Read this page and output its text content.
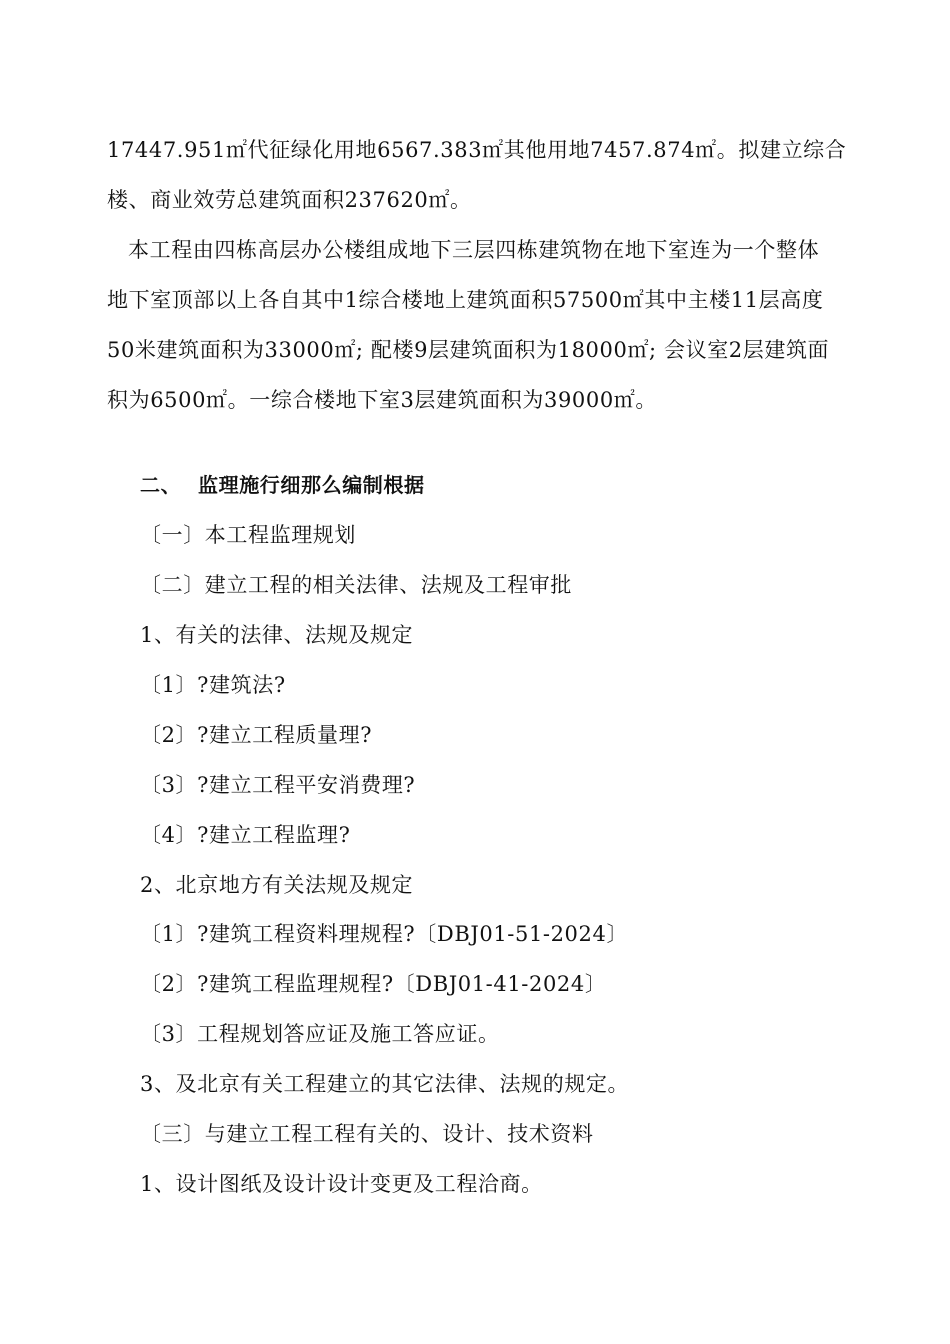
17447.951㎡代征绿化用地6567.383㎡其他用地7457.874㎡。拟建立综合
楼、商业效劳总建筑面积237620㎡。
本工程由四栋高层办公楼组成地下三层四栋建筑物在地下室连为一个整体
地下室顶部以上各自其中1综合楼地上建筑面积57500㎡其中主楼11层高度
50米建筑面积为33000㎡; 配楼9层建筑面积为18000㎡; 会议室2层建筑面
积为6500㎡。一综合楼地下室3层建筑面积为39000㎡。
二、 监理施行细那么编制根据
〔一〕本工程监理规划
〔二〕建立工程的相关法律、法规及工程审批
1、有关的法律、法规及规定
〔1〕?建筑法?
〔2〕?建立工程质量理?
〔3〕?建立工程平安消费理?
〔4〕?建立工程监理?
2、北京地方有关法规及规定
〔1〕?建筑工程资料理规程?〔DBJ01-51-2024〕
〔2〕?建筑工程监理规程?〔DBJ01-41-2024〕
〔3〕工程规划答应证及施工答应证。
3、及北京有关工程建立的其它法律、法规的规定。
〔三〕与建立工程工程有关的、设计、技术资料
1、设计图纸及设计设计变更及工程洽商。
